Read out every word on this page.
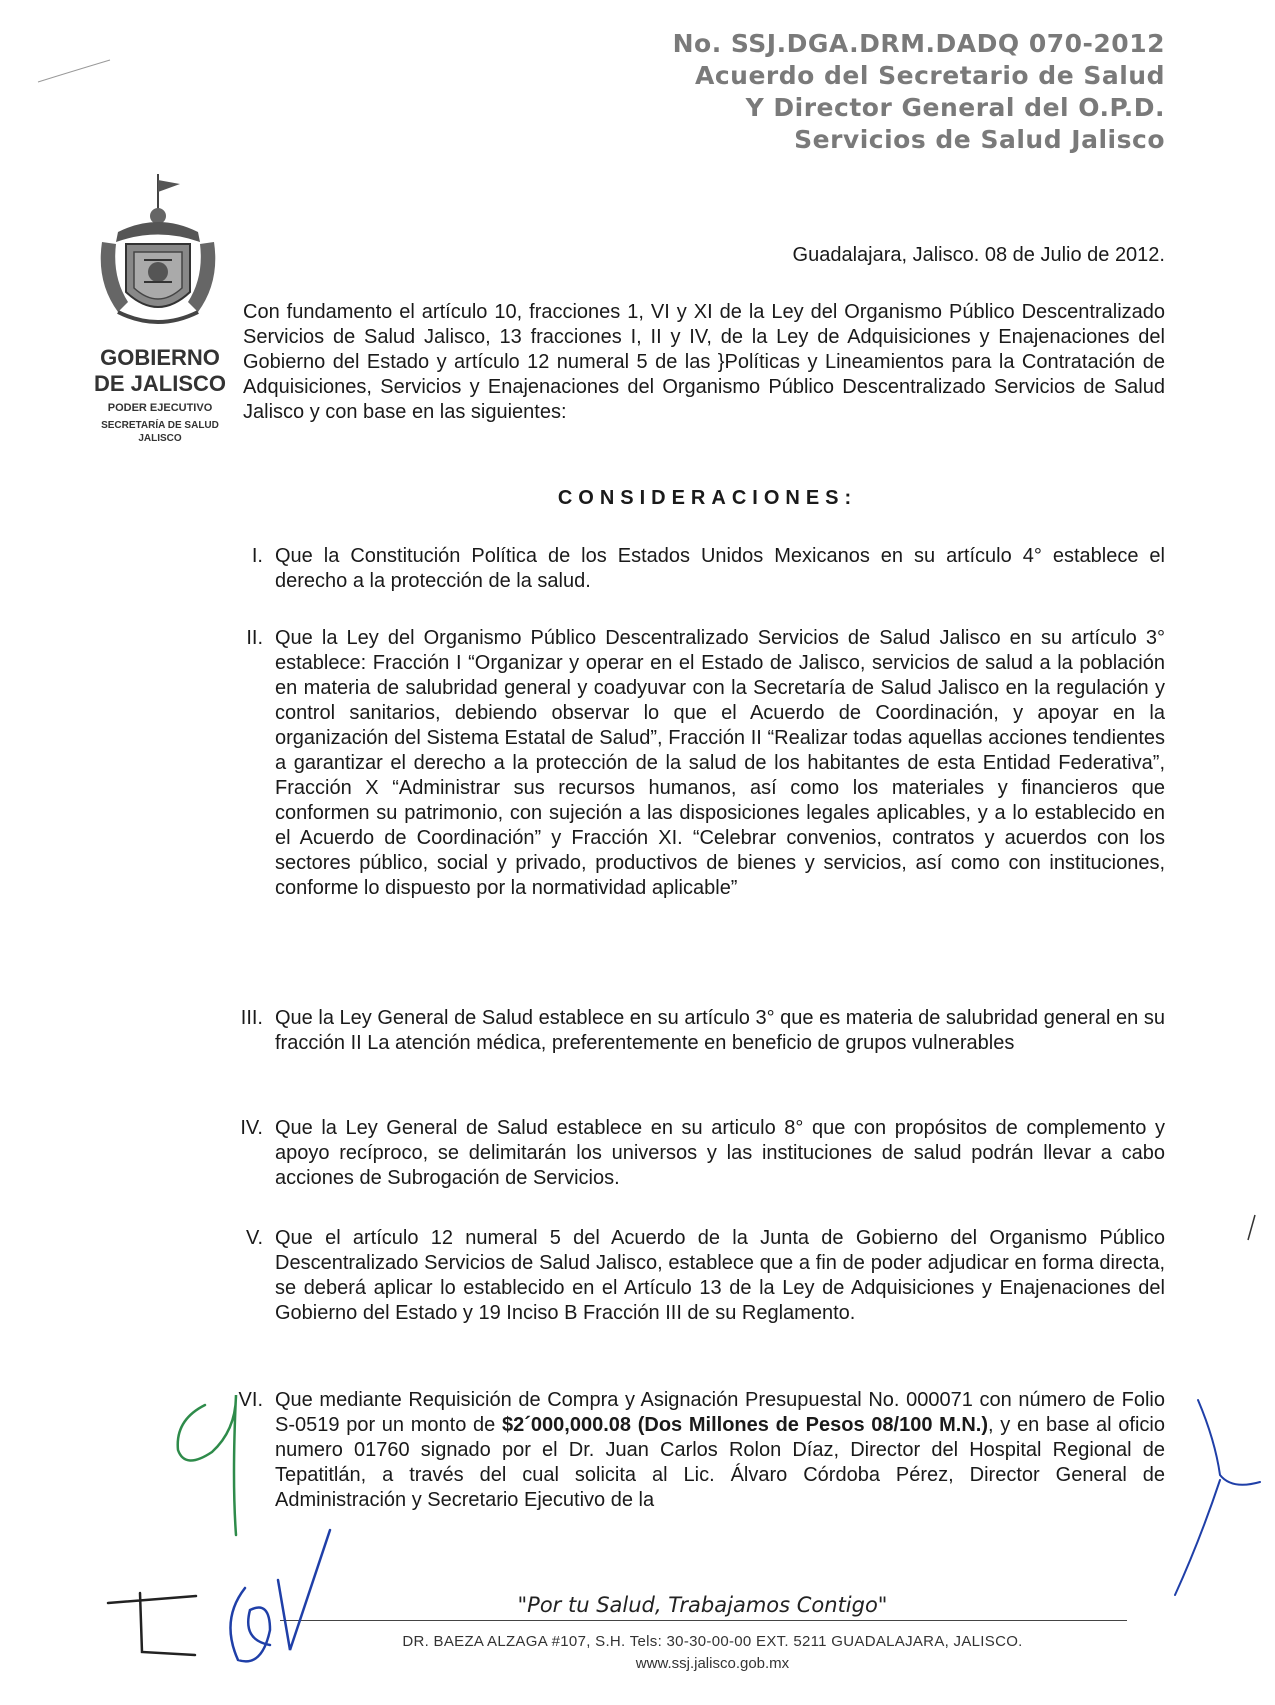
No. SSJ.DGA.DRM.DADQ 070-2012
Acuerdo del Secretario de Salud
Y Director General del O.P.D.
Servicios de Salud Jalisco
GOBIERNO DE JALISCO
PODER EJECUTIVO
SECRETARÍA DE SALUD JALISCO
Guadalajara, Jalisco. 08 de Julio de 2012.
Con fundamento el artículo 10, fracciones 1, VI y XI de la Ley del Organismo Público Descentralizado Servicios de Salud Jalisco, 13 fracciones I, II y IV, de la Ley de Adquisiciones y Enajenaciones del Gobierno del Estado y artículo 12 numeral 5 de las }Políticas y Lineamientos para la Contratación de Adquisiciones, Servicios y Enajenaciones del Organismo Público Descentralizado Servicios de Salud Jalisco y con base en las siguientes:
CONSIDERACIONES:
I. Que la Constitución Política de los Estados Unidos Mexicanos en su artículo 4° establece el derecho a la protección de la salud.
II. Que la Ley del Organismo Público Descentralizado Servicios de Salud Jalisco en su artículo 3° establece: Fracción I “Organizar y operar en el Estado de Jalisco, servicios de salud a la población en materia de salubridad general y coadyuvar con la Secretaría de Salud Jalisco en la regulación y control sanitarios, debiendo observar lo que el Acuerdo de Coordinación, y apoyar en la organización del Sistema Estatal de Salud”, Fracción II “Realizar todas aquellas acciones tendientes a garantizar el derecho a la protección de la salud de los habitantes de esta Entidad Federativa”, Fracción X “Administrar sus recursos humanos, así como los materiales y financieros que conformen su patrimonio, con sujeción a las disposiciones legales aplicables, y a lo establecido en el Acuerdo de Coordinación” y Fracción XI. “Celebrar convenios, contratos y acuerdos con los sectores público, social y privado, productivos de bienes y servicios, así como con instituciones, conforme lo dispuesto por la normatividad aplicable”
III. Que la Ley General de Salud establece en su artículo 3° que es materia de salubridad general en su fracción II La atención médica, preferentemente en beneficio de grupos vulnerables
IV. Que la Ley General de Salud establece en su articulo 8° que con propósitos de complemento y apoyo recíproco, se delimitarán los universos y las instituciones de salud podrán llevar a cabo acciones de Subrogación de Servicios.
V. Que el artículo 12 numeral 5 del Acuerdo de la Junta de Gobierno del Organismo Público Descentralizado Servicios de Salud Jalisco, establece que a fin de poder adjudicar en forma directa, se deberá aplicar lo establecido en el Artículo 13 de la Ley de Adquisiciones y Enajenaciones del Gobierno del Estado y 19 Inciso B Fracción III de su Reglamento.
VI. Que mediante Requisición de Compra y Asignación Presupuestal No. 000071 con número de Folio S-0519 por un monto de $2´000,000.08 (Dos Millones de Pesos 08/100 M.N.), y en base al oficio numero 01760 signado por el Dr. Juan Carlos Rolon Díaz, Director del Hospital Regional de Tepatitlán, a través del cual solicita al Lic. Álvaro Córdoba Pérez, Director General de Administración y Secretario Ejecutivo de la
"Por tu Salud, Trabajamos Contigo"
DR. BAEZA ALZAGA #107, S.H. Tels: 30-30-00-00 EXT. 5211 GUADALAJARA, JALISCO.
www.ssj.jalisco.gob.mx
